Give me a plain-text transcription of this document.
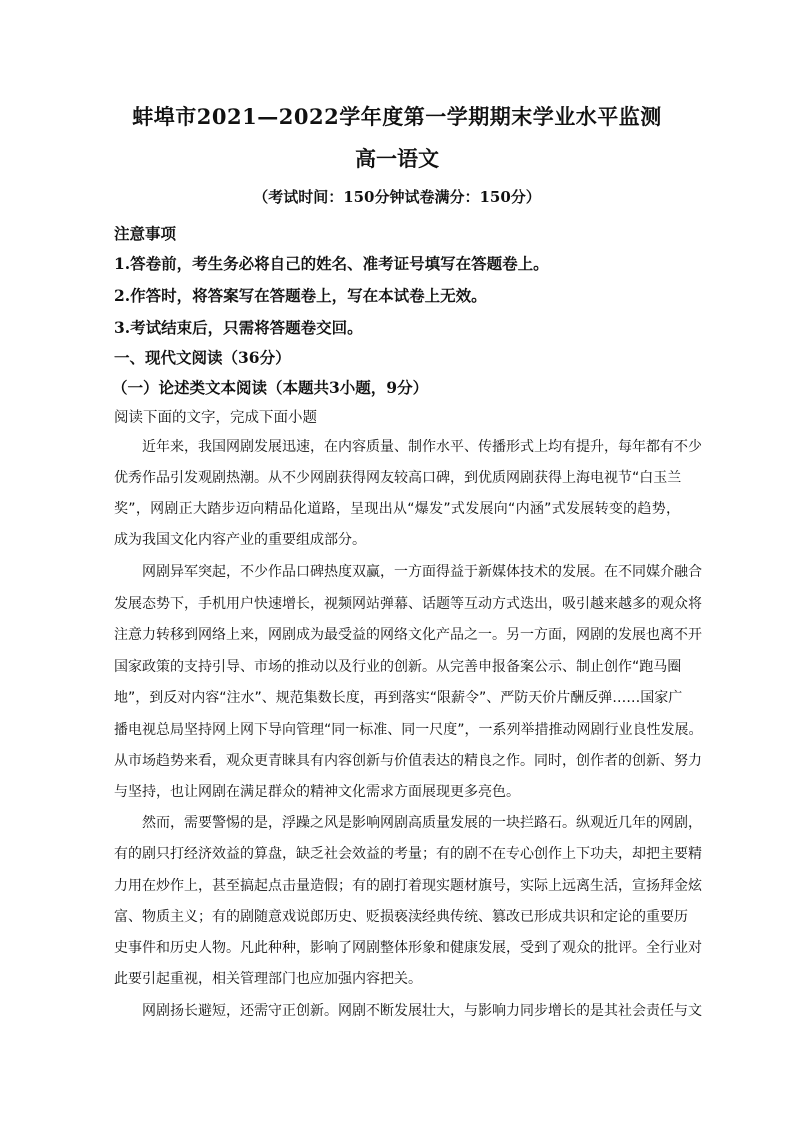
蚌埠市2021—2022学年度第一学期期末学业水平监测
高一语文
（考试时间：150分钟试卷满分：150分）
注意事项
1.答卷前，考生务必将自己的姓名、准考证号填写在答题卷上。
2.作答时，将答案写在答题卷上，写在本试卷上无效。
3.考试结束后，只需将答题卷交回。
一、现代文阅读（36分）
（一）论述类文本阅读（本题共3小题，9分）
阅读下面的文字，完成下面小题
近年来，我国网剧发展迅速，在内容质量、制作水平、传播形式上均有提升，每年都有不少
优秀作品引发观剧热潮。从不少网剧获得网友较高口碑，到优质网剧获得上海电视节“白玉兰
奖”，网剧正大踏步迈向精品化道路，呈现出从“爆发”式发展向“内涵”式发展转变的趋势，
成为我国文化内容产业的重要组成部分。
网剧异军突起，不少作品口碑热度双赢，一方面得益于新媒体技术的发展。在不同媒介融合
发展态势下，手机用户快速增长，视频网站弹幕、话题等互动方式迭出，吸引越来越多的观众将
注意力转移到网络上来，网剧成为最受益的网络文化产品之一。另一方面，网剧的发展也离不开
国家政策的支持引导、市场的推动以及行业的创新。从完善申报备案公示、制止创作“跑马圈
地”，到反对内容“注水”、规范集数长度，再到落实“限薪令”、严防天价片酬反弹……国家广
播电视总局坚持网上网下导向管理“同一标准、同一尺度”，一系列举措推动网剧行业良性发展。
从市场趋势来看，观众更青睐具有内容创新与价值表达的精良之作。同时，创作者的创新、努力
与坚持，也让网剧在满足群众的精神文化需求方面展现更多亮色。
然而，需要警惕的是，浮躁之风是影响网剧高质量发展的一块拦路石。纵观近几年的网剧，
有的剧只打经济效益的算盘，缺乏社会效益的考量；有的剧不在专心创作上下功夫，却把主要精
力用在炒作上，甚至搞起点击量造假；有的剧打着现实题材旗号，实际上远离生活，宣扬拜金炫
富、物质主义；有的剧随意戏说郎历史、贬损亵渎经典传统、篡改已形成共识和定论的重要历
史事件和历史人物。凡此种种，影响了网剧整体形象和健康发展，受到了观众的批评。全行业对
此要引起重视，相关管理部门也应加强内容把关。
网剧扬长避短，还需守正创新。网剧不断发展壮大，与影响力同步增长的是其社会责任与文
